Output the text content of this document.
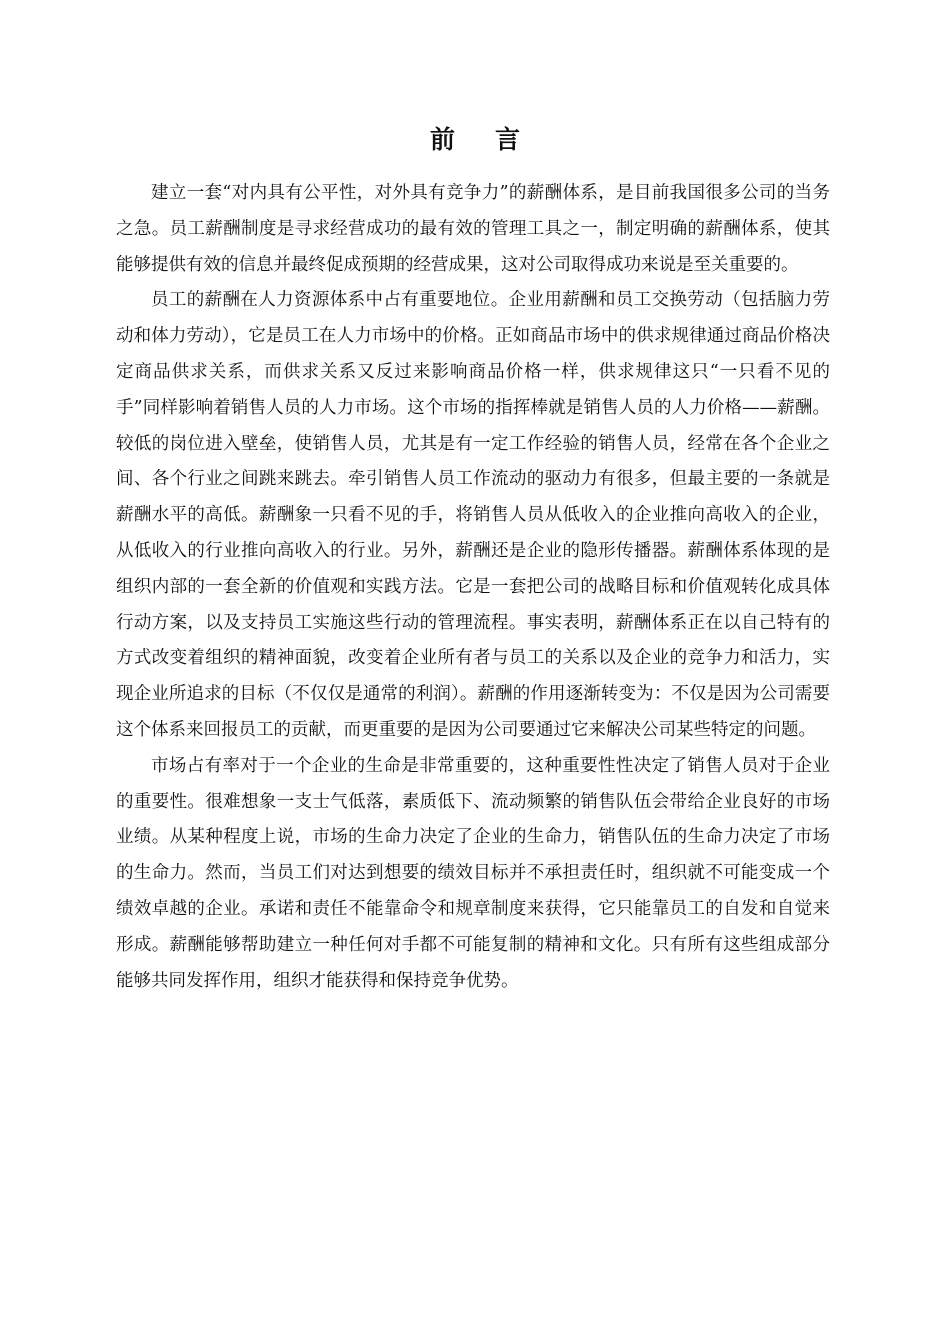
前言

建立一套“对内具有公平性，对外具有竞争力”的薪酬体系，是目前我国很多公司的当务之急。员工薪酬制度是寻求经营成功的最有效的管理工具之一，制定明确的薪酬体系，使其能够提供有效的信息并最终促成预期的经营成果，这对公司取得成功来说是至关重要的。

员工的薪酬在人力资源体系中占有重要地位。企业用薪酬和员工交换劳动（包括脑力劳动和体力劳动），它是员工在人力市场中的价格。正如商品市场中的供求规律通过商品价格决定商品供求关系，而供求关系又反过来影响商品价格一样，供求规律这只“一只看不见的手”同样影响着销售人员的人力市场。这个市场的指挥棒就是销售人员的人力价格——薪酬。较低的岗位进入壁垒，使销售人员，尤其是有一定工作经验的销售人员，经常在各个企业之间、各个行业之间跳来跳去。牵引销售人员工作流动的驱动力有很多，但最主要的一条就是薪酬水平的高低。薪酬象一只看不见的手，将销售人员从低收入的企业推向高收入的企业，从低收入的行业推向高收入的行业。另外，薪酬还是企业的隐形传播器。薪酬体系体现的是组织内部的一套全新的价值观和实践方法。它是一套把公司的战略目标和价值观转化成具体行动方案，以及支持员工实施这些行动的管理流程。事实表明，薪酬体系正在以自己特有的方式改变着组织的精神面貌，改变着企业所有者与员工的关系以及企业的竞争力和活力，实现企业所追求的目标（不仅仅是通常的利润）。薪酬的作用逐渐转变为：不仅是因为公司需要这个体系来回报员工的贡献，而更重要的是因为公司要通过它来解决公司某些特定的问题。

市场占有率对于一个企业的生命是非常重要的，这种重要性性决定了销售人员对于企业的重要性。很难想象一支士气低落，素质低下、流动频繁的销售队伍会带给企业良好的市场业绩。从某种程度上说，市场的生命力决定了企业的生命力，销售队伍的生命力决定了市场的生命力。然而，当员工们对达到想要的绩效目标并不承担责任时，组织就不可能变成一个绩效卓越的企业。承诺和责任不能靠命令和规章制度来获得，它只能靠员工的自发和自觉来形成。薪酬能够帮助建立一种任何对手都不可能复制的精神和文化。只有所有这些组成部分能够共同发挥作用，组织才能获得和保持竞争优势。
